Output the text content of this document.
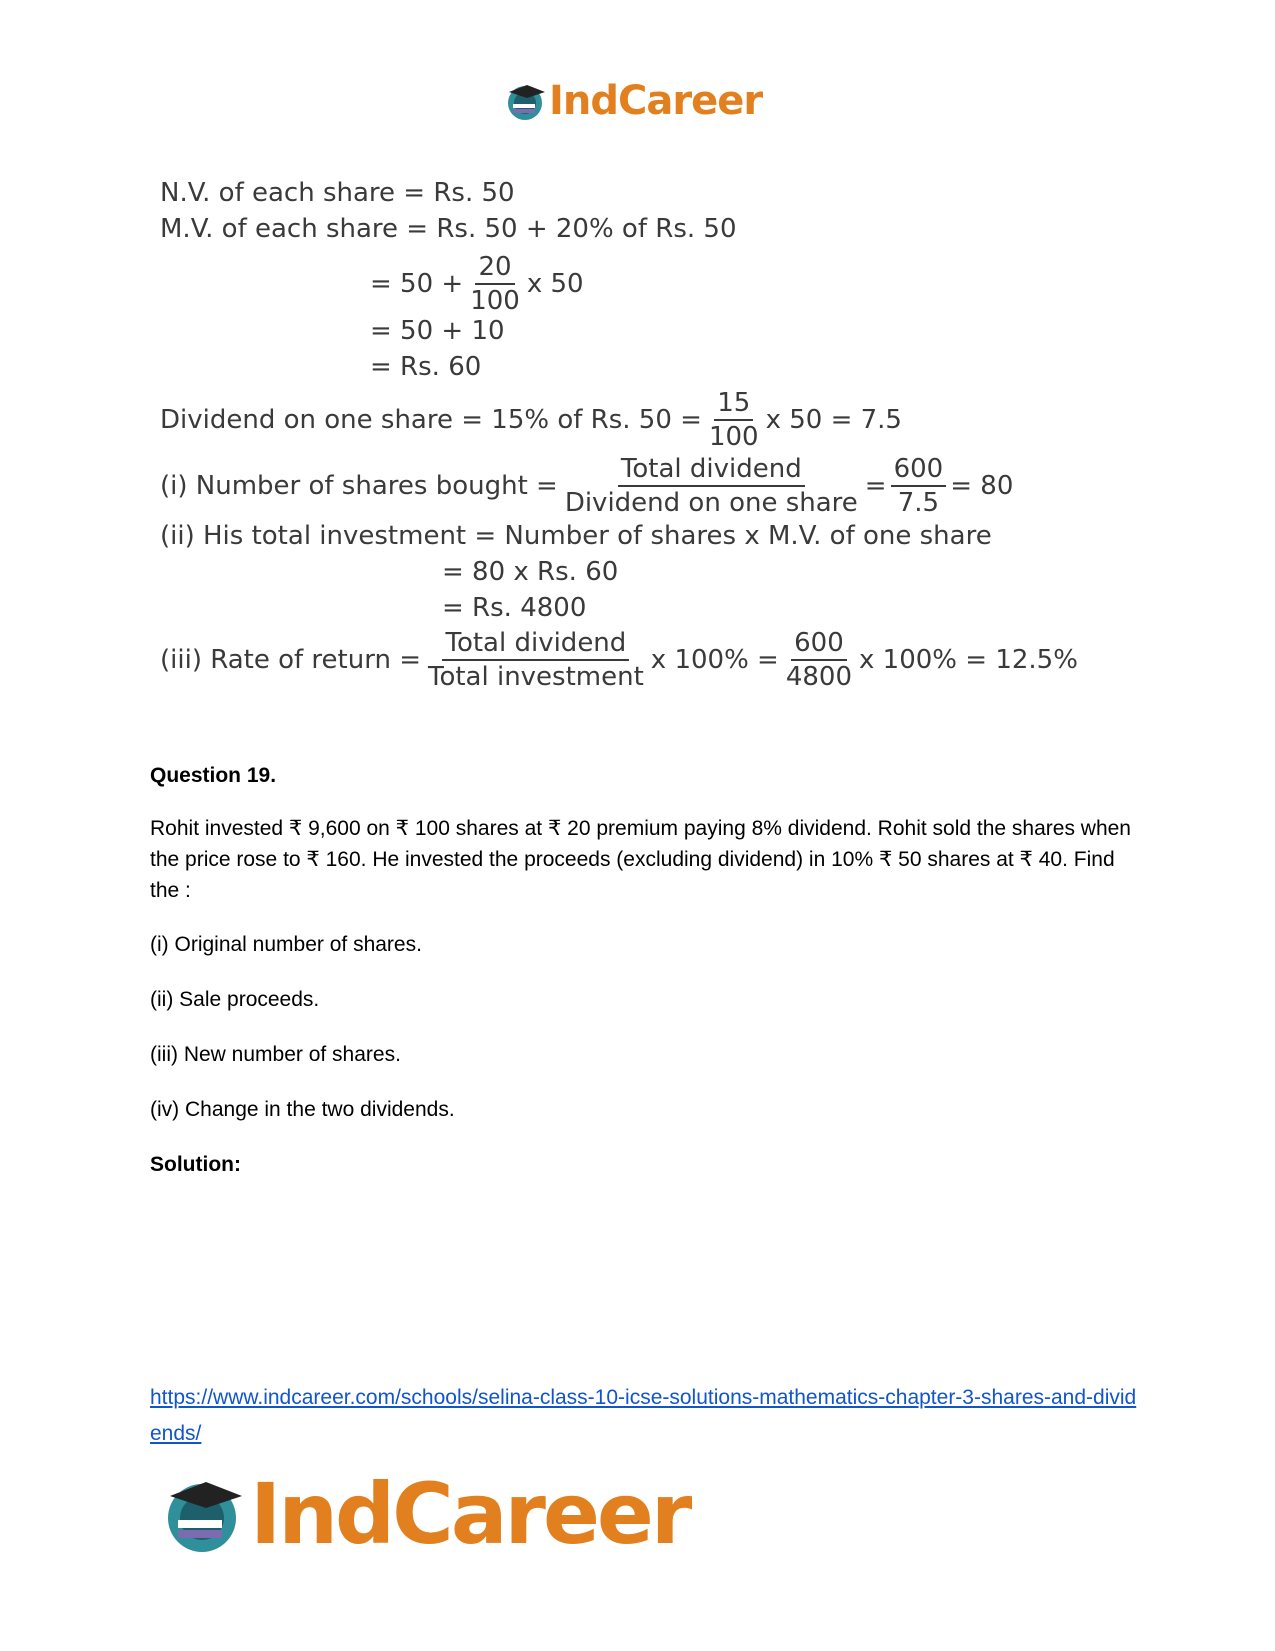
IndCareer
N.V. of each share = Rs. 50
M.V. of each share = Rs. 50 + 20% of Rs. 50
= $50 + \frac{20}{100}$ x 50
= 50 + 10
= Rs. 60
Dividend on one share = 15% of Rs. $50 = \frac{15}{100}$ x 50 = 7.5
(i) Number of shares bought = $\frac{\text{Total dividend}}{\text{Dividend on one share}} = \frac{600}{7.5} = 80$
(ii) His total investment = Number of shares x M.V. of one share
= 80 x Rs. 60
= Rs. 4800
(iii) Rate of return = $\frac{\text{Total dividend}}{\text{Total investment}}$ x $100\% = \frac{600}{4800}$ x 100% = 12.5%
Question 19.
Rohit invested ₹ 9,600 on ₹ 100 shares at ₹ 20 premium paying 8% dividend. Rohit sold the shares when the price rose to ₹ 160. He invested the proceeds (excluding dividend) in 10% ₹ 50 shares at ₹ 40. Find the :
(i) Original number of shares.
(ii) Sale proceeds.
(iii) New number of shares.
(iv) Change in the two dividends.
Solution:
https://www.indcareer.com/schools/selina-class-10-icse-solutions-mathematics-chapter-3-shares-and-dividends/
IndCareer
